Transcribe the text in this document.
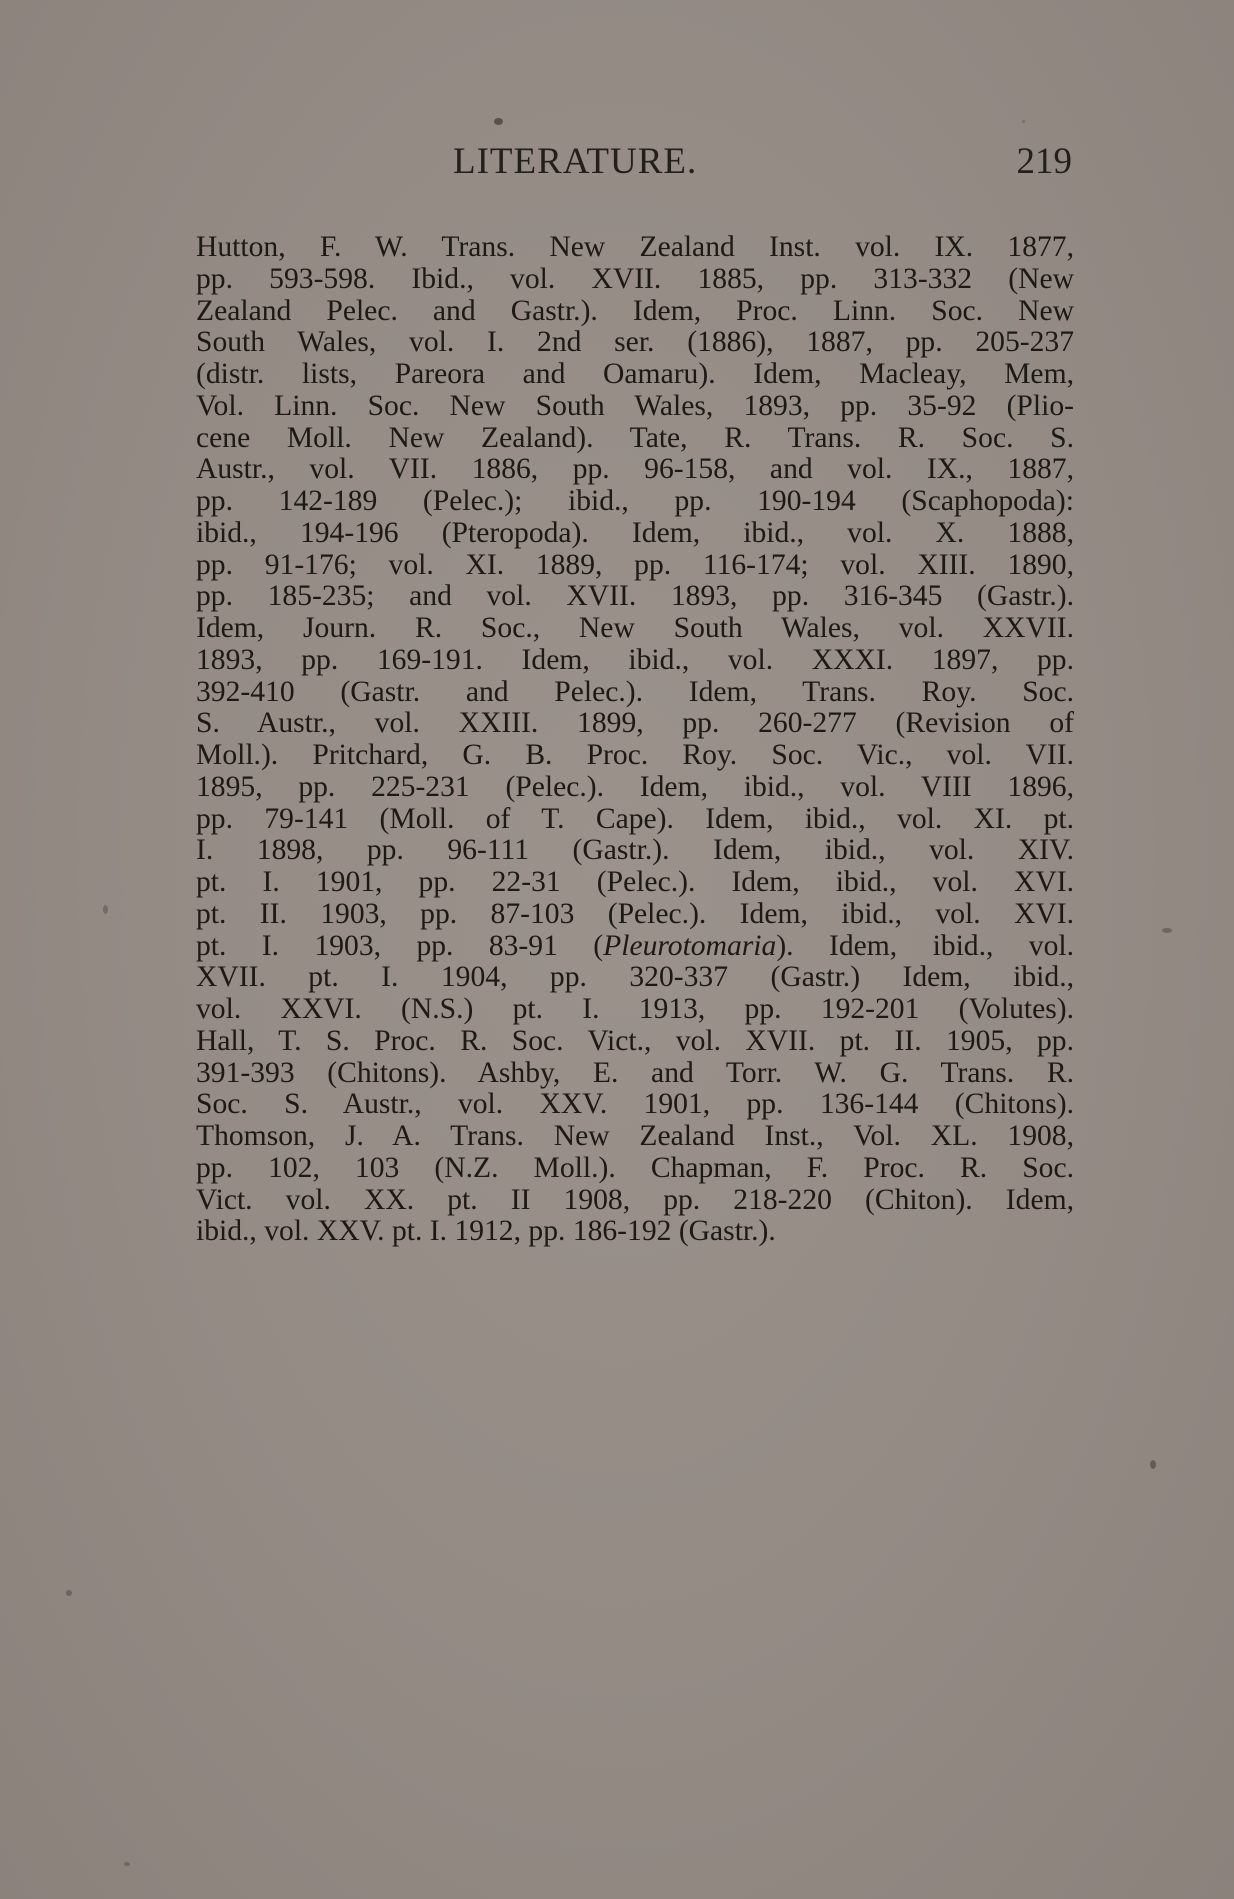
LITERATURE.	219
Hutton, F. W. Trans. New Zealand Inst. vol. IX. 1877,
pp. 593-598. Ibid., vol. XVII. 1885, pp. 313-332 (New
Zealand Pelec. and Gastr.). Idem, Proc. Linn. Soc. New
South Wales, vol. I. 2nd ser. (1886), 1887, pp. 205-237
(distr. lists, Pareora and Oamaru). Idem, Macleay, Mem,
Vol. Linn. Soc. New South Wales, 1893, pp. 35-92 (Plio-
cene Moll. New Zealand). Tate, R. Trans. R. Soc. S.
Austr., vol. VII. 1886, pp. 96-158, and vol. IX., 1887,
pp. 142-189 (Pelec.); ibid., pp. 190-194 (Scaphopoda):
ibid., 194-196 (Pteropoda). Idem, ibid., vol. X. 1888,
pp. 91-176; vol. XI. 1889, pp. 116-174; vol. XIII. 1890,
pp. 185-235; and vol. XVII. 1893, pp. 316-345 (Gastr.).
Idem, Journ. R. Soc., New South Wales, vol. XXVII.
1893, pp. 169-191. Idem, ibid., vol. XXXI. 1897, pp.
392-410 (Gastr. and Pelec.). Idem, Trans. Roy. Soc.
S. Austr., vol. XXIII. 1899, pp. 260-277 (Revision of
Moll.). Pritchard, G. B. Proc. Roy. Soc. Vic., vol. VII.
1895, pp. 225-231 (Pelec.). Idem, ibid., vol. VIII 1896,
pp. 79-141 (Moll. of T. Cape). Idem, ibid., vol. XI. pt.
I. 1898, pp. 96-111 (Gastr.). Idem, ibid., vol. XIV.
pt. I. 1901, pp. 22-31 (Pelec.). Idem, ibid., vol. XVI.
pt. II. 1903, pp. 87-103 (Pelec.). Idem, ibid., vol. XVI.
pt. I. 1903, pp. 83-91 (Pleurotomaria). Idem, ibid., vol.
XVII. pt. I. 1904, pp. 320-337 (Gastr.) Idem, ibid.,
vol. XXVI. (N.S.) pt. I. 1913, pp. 192-201 (Volutes).
Hall, T. S. Proc. R. Soc. Vict., vol. XVII. pt. II. 1905, pp.
391-393 (Chitons). Ashby, E. and Torr. W. G. Trans. R.
Soc. S. Austr., vol. XXV. 1901, pp. 136-144 (Chitons).
Thomson, J. A. Trans. New Zealand Inst., Vol. XL. 1908,
pp. 102, 103 (N.Z. Moll.). Chapman, F. Proc. R. Soc.
Vict. vol. XX. pt. II 1908, pp. 218-220 (Chiton). Idem,
ibid., vol. XXV. pt. I. 1912, pp. 186-192 (Gastr.).
